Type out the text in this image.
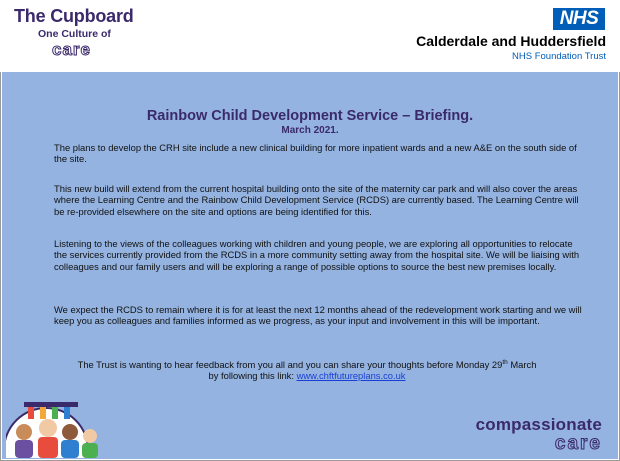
The Cupboard
One Culture of
care
NHS
Calderdale and Huddersfield
NHS Foundation Trust
Rainbow Child Development Service – Briefing.
March 2021.
The plans to develop the CRH site include a new clinical building for more inpatient wards and a new A&E on the south side of the site.
This new build will extend from the current hospital building onto the site of the maternity car park and will also cover the areas where the Learning Centre and the Rainbow Child Development Service (RCDS) are currently based. The Learning Centre will be re-provided elsewhere on the site and options are being identified for this.
Listening to the views of the colleagues working with children and young people, we are exploring all opportunities to relocate the services currently provided from the RCDS in a more community setting away from the hospital site. We will be liaising with colleagues and our family users and will be exploring a range of possible options to source the best new premises locally.
We expect the RCDS to remain where it is for at least the next 12 months ahead of the redevelopment work starting and we will keep you as colleagues and families informed as we progress, as your input and involvement in this will be important.
The Trust is wanting to hear feedback from you all and you can share your thoughts before Monday 29th March
by following this link: www.chftfutureplans.co.uk
compassionate
care
